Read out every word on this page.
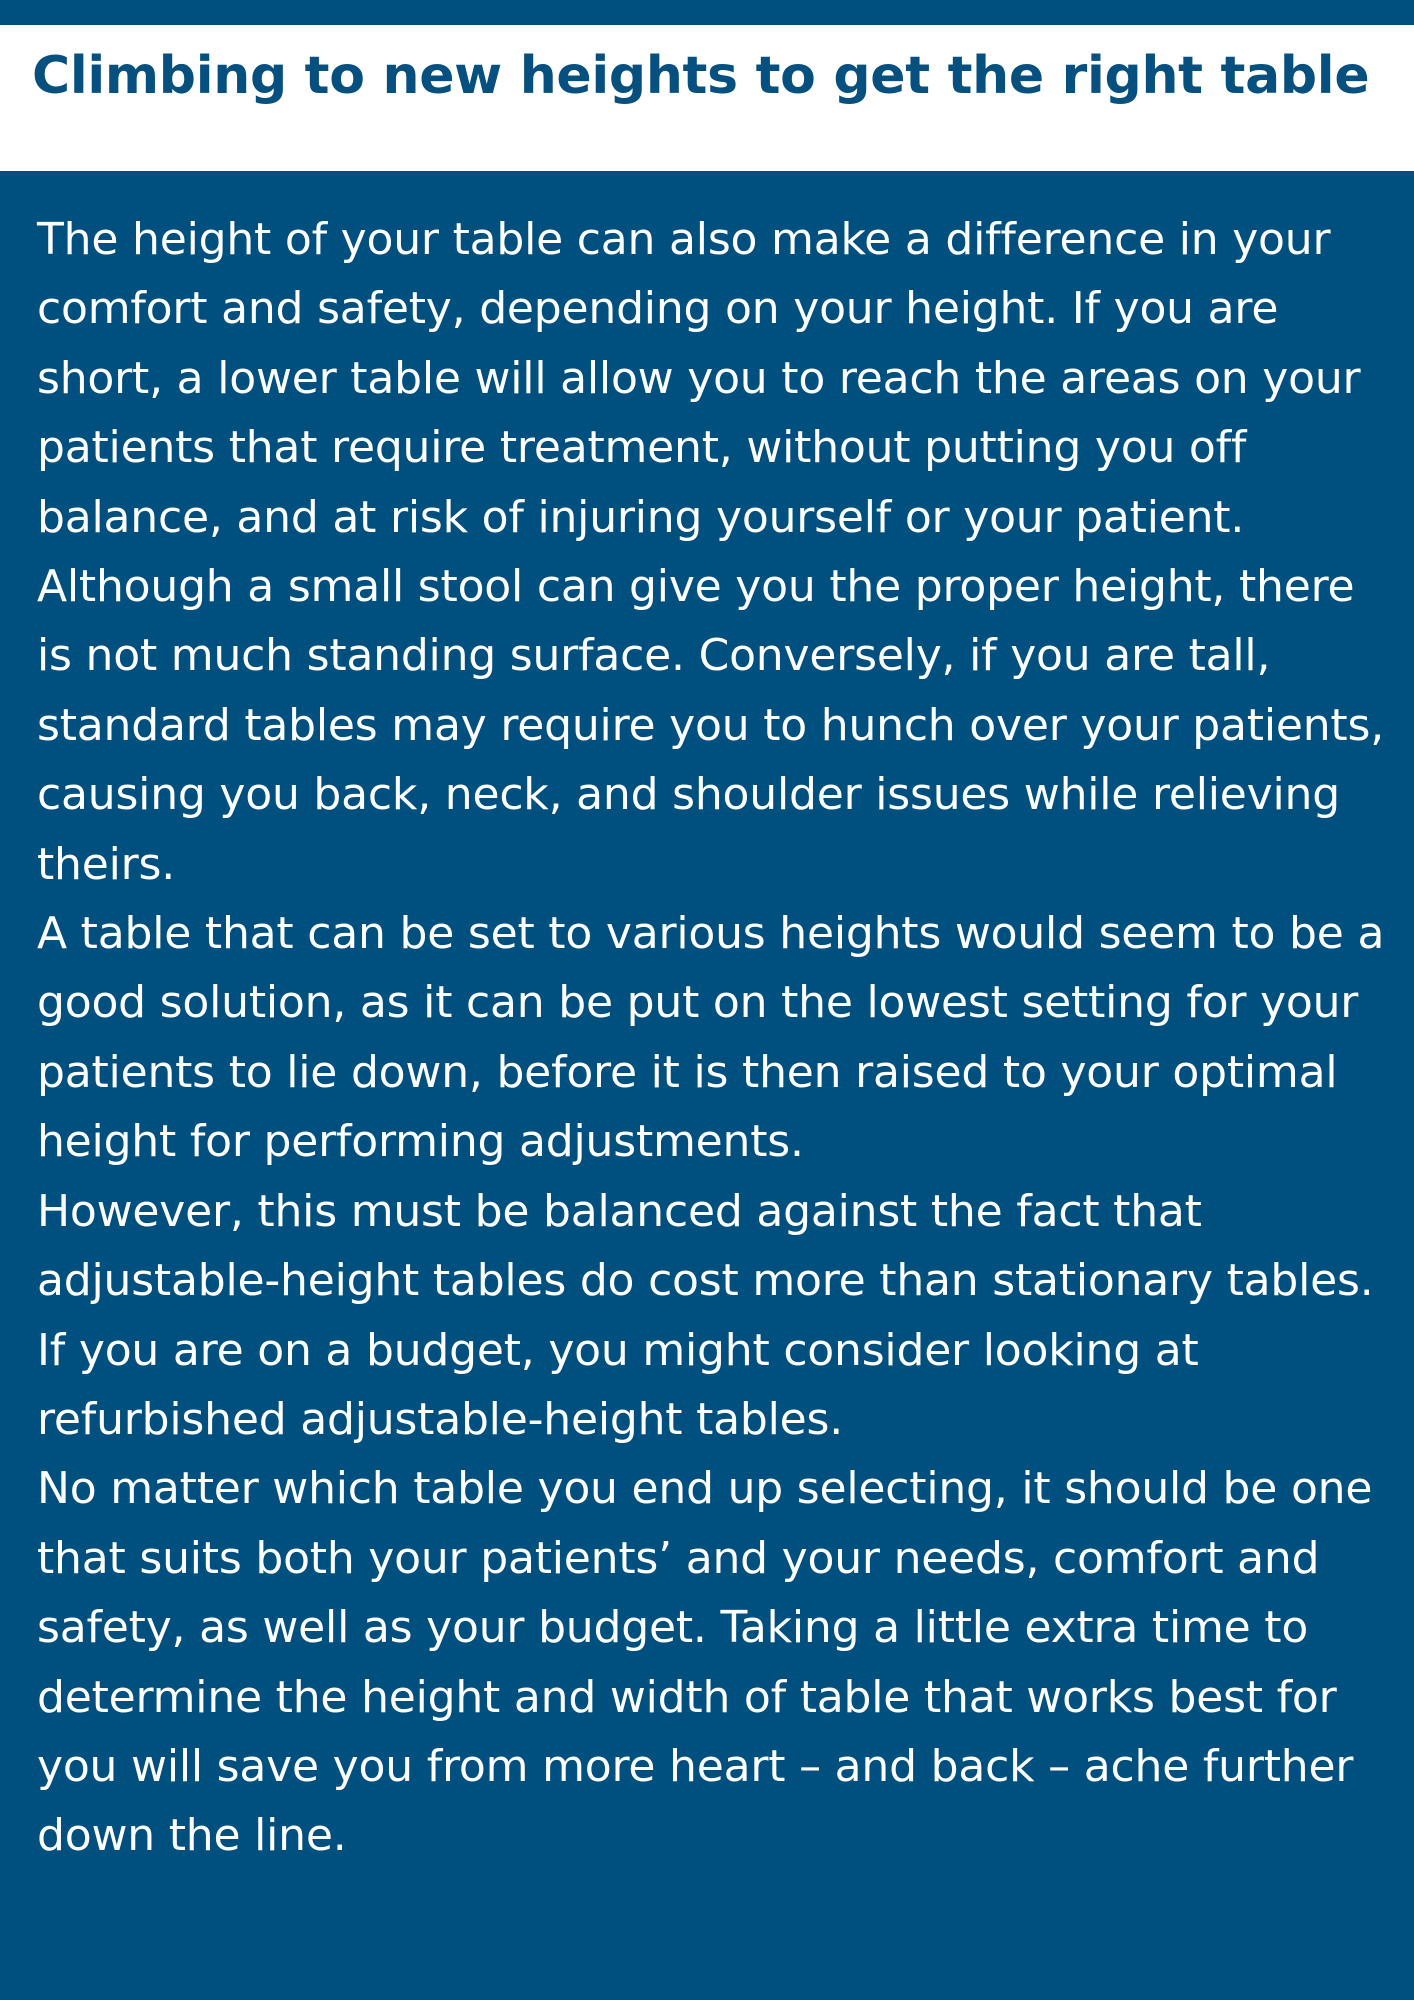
Climbing to new heights to get the right table

The height of your table can also make a difference in your comfort and safety, depending on your height. If you are short, a lower table will allow you to reach the areas on your patients that require treatment, without putting you off balance, and at risk of injuring yourself or your patient.

Although a small stool can give you the proper height, there is not much standing surface. Conversely, if you are tall, standard tables may require you to hunch over your patients, causing you back, neck, and shoulder issues while relieving theirs.

A table that can be set to various heights would seem to be a good solution, as it can be put on the lowest setting for your patients to lie down, before it is then raised to your optimal height for performing adjustments.

However, this must be balanced against the fact that adjustable-height tables do cost more than stationary tables. If you are on a budget, you might consider looking at refurbished adjustable-height tables.

No matter which table you end up selecting, it should be one that suits both your patients’ and your needs, comfort and safety, as well as your budget. Taking a little extra time to determine the height and width of table that works best for you will save you from more heart – and back – ache further down the line.
